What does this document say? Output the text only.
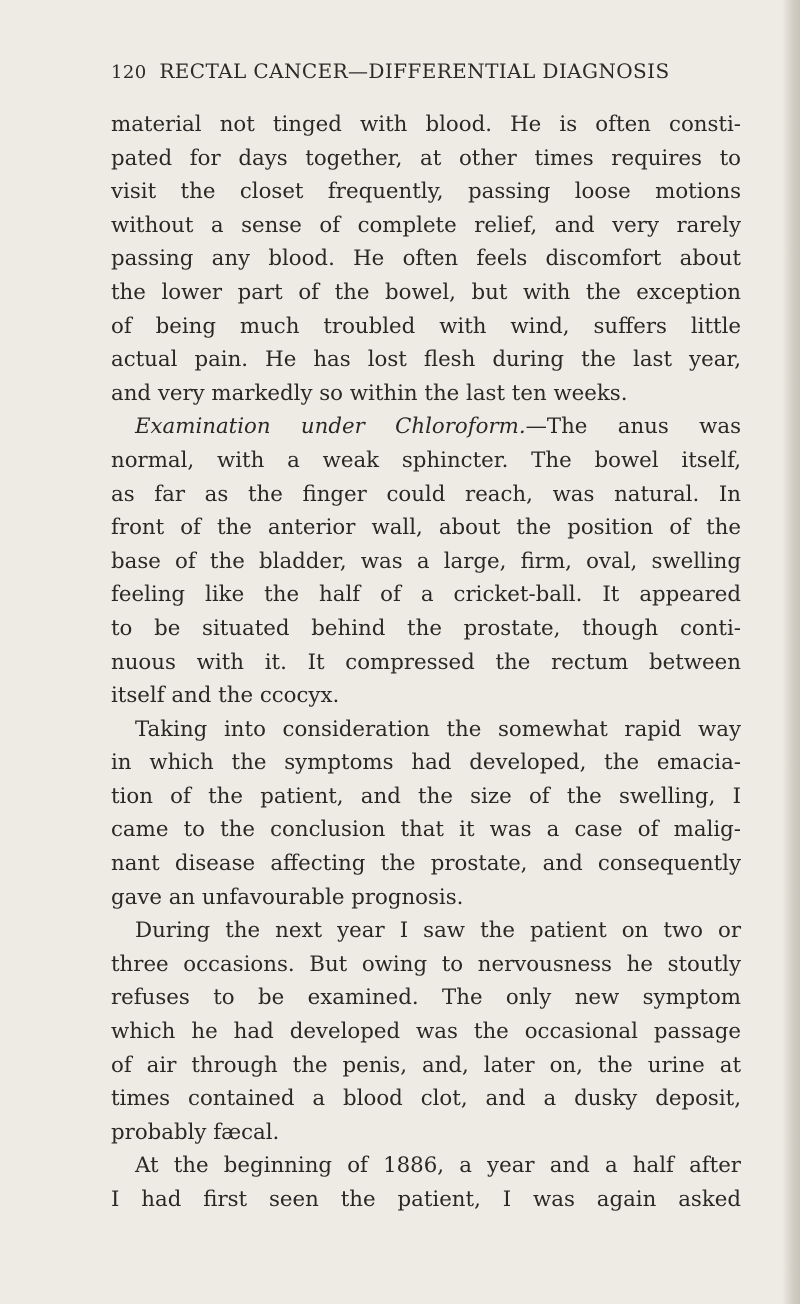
120 RECTAL CANCER—DIFFERENTIAL DIAGNOSIS
material not tinged with blood. He is often consti-
pated for days together, at other times requires to
visit the closet frequently, passing loose motions
without a sense of complete relief, and very rarely
passing any blood. He often feels discomfort about
the lower part of the bowel, but with the exception
of being much troubled with wind, suffers little
actual pain. He has lost flesh during the last year,
and very markedly so within the last ten weeks.
Examination under Chloroform.—The anus was
normal, with a weak sphincter. The bowel itself,
as far as the finger could reach, was natural. In
front of the anterior wall, about the position of the
base of the bladder, was a large, firm, oval, swelling
feeling like the half of a cricket-ball. It appeared
to be situated behind the prostate, though conti-
nuous with it. It compressed the rectum between
itself and the ccocyx.
Taking into consideration the somewhat rapid way
in which the symptoms had developed, the emacia-
tion of the patient, and the size of the swelling, I
came to the conclusion that it was a case of malig-
nant disease affecting the prostate, and consequently
gave an unfavourable prognosis.
During the next year I saw the patient on two or
three occasions. But owing to nervousness he stoutly
refuses to be examined. The only new symptom
which he had developed was the occasional passage
of air through the penis, and, later on, the urine at
times contained a blood clot, and a dusky deposit,
probably fæcal.
At the beginning of 1886, a year and a half after
I had first seen the patient, I was again asked
